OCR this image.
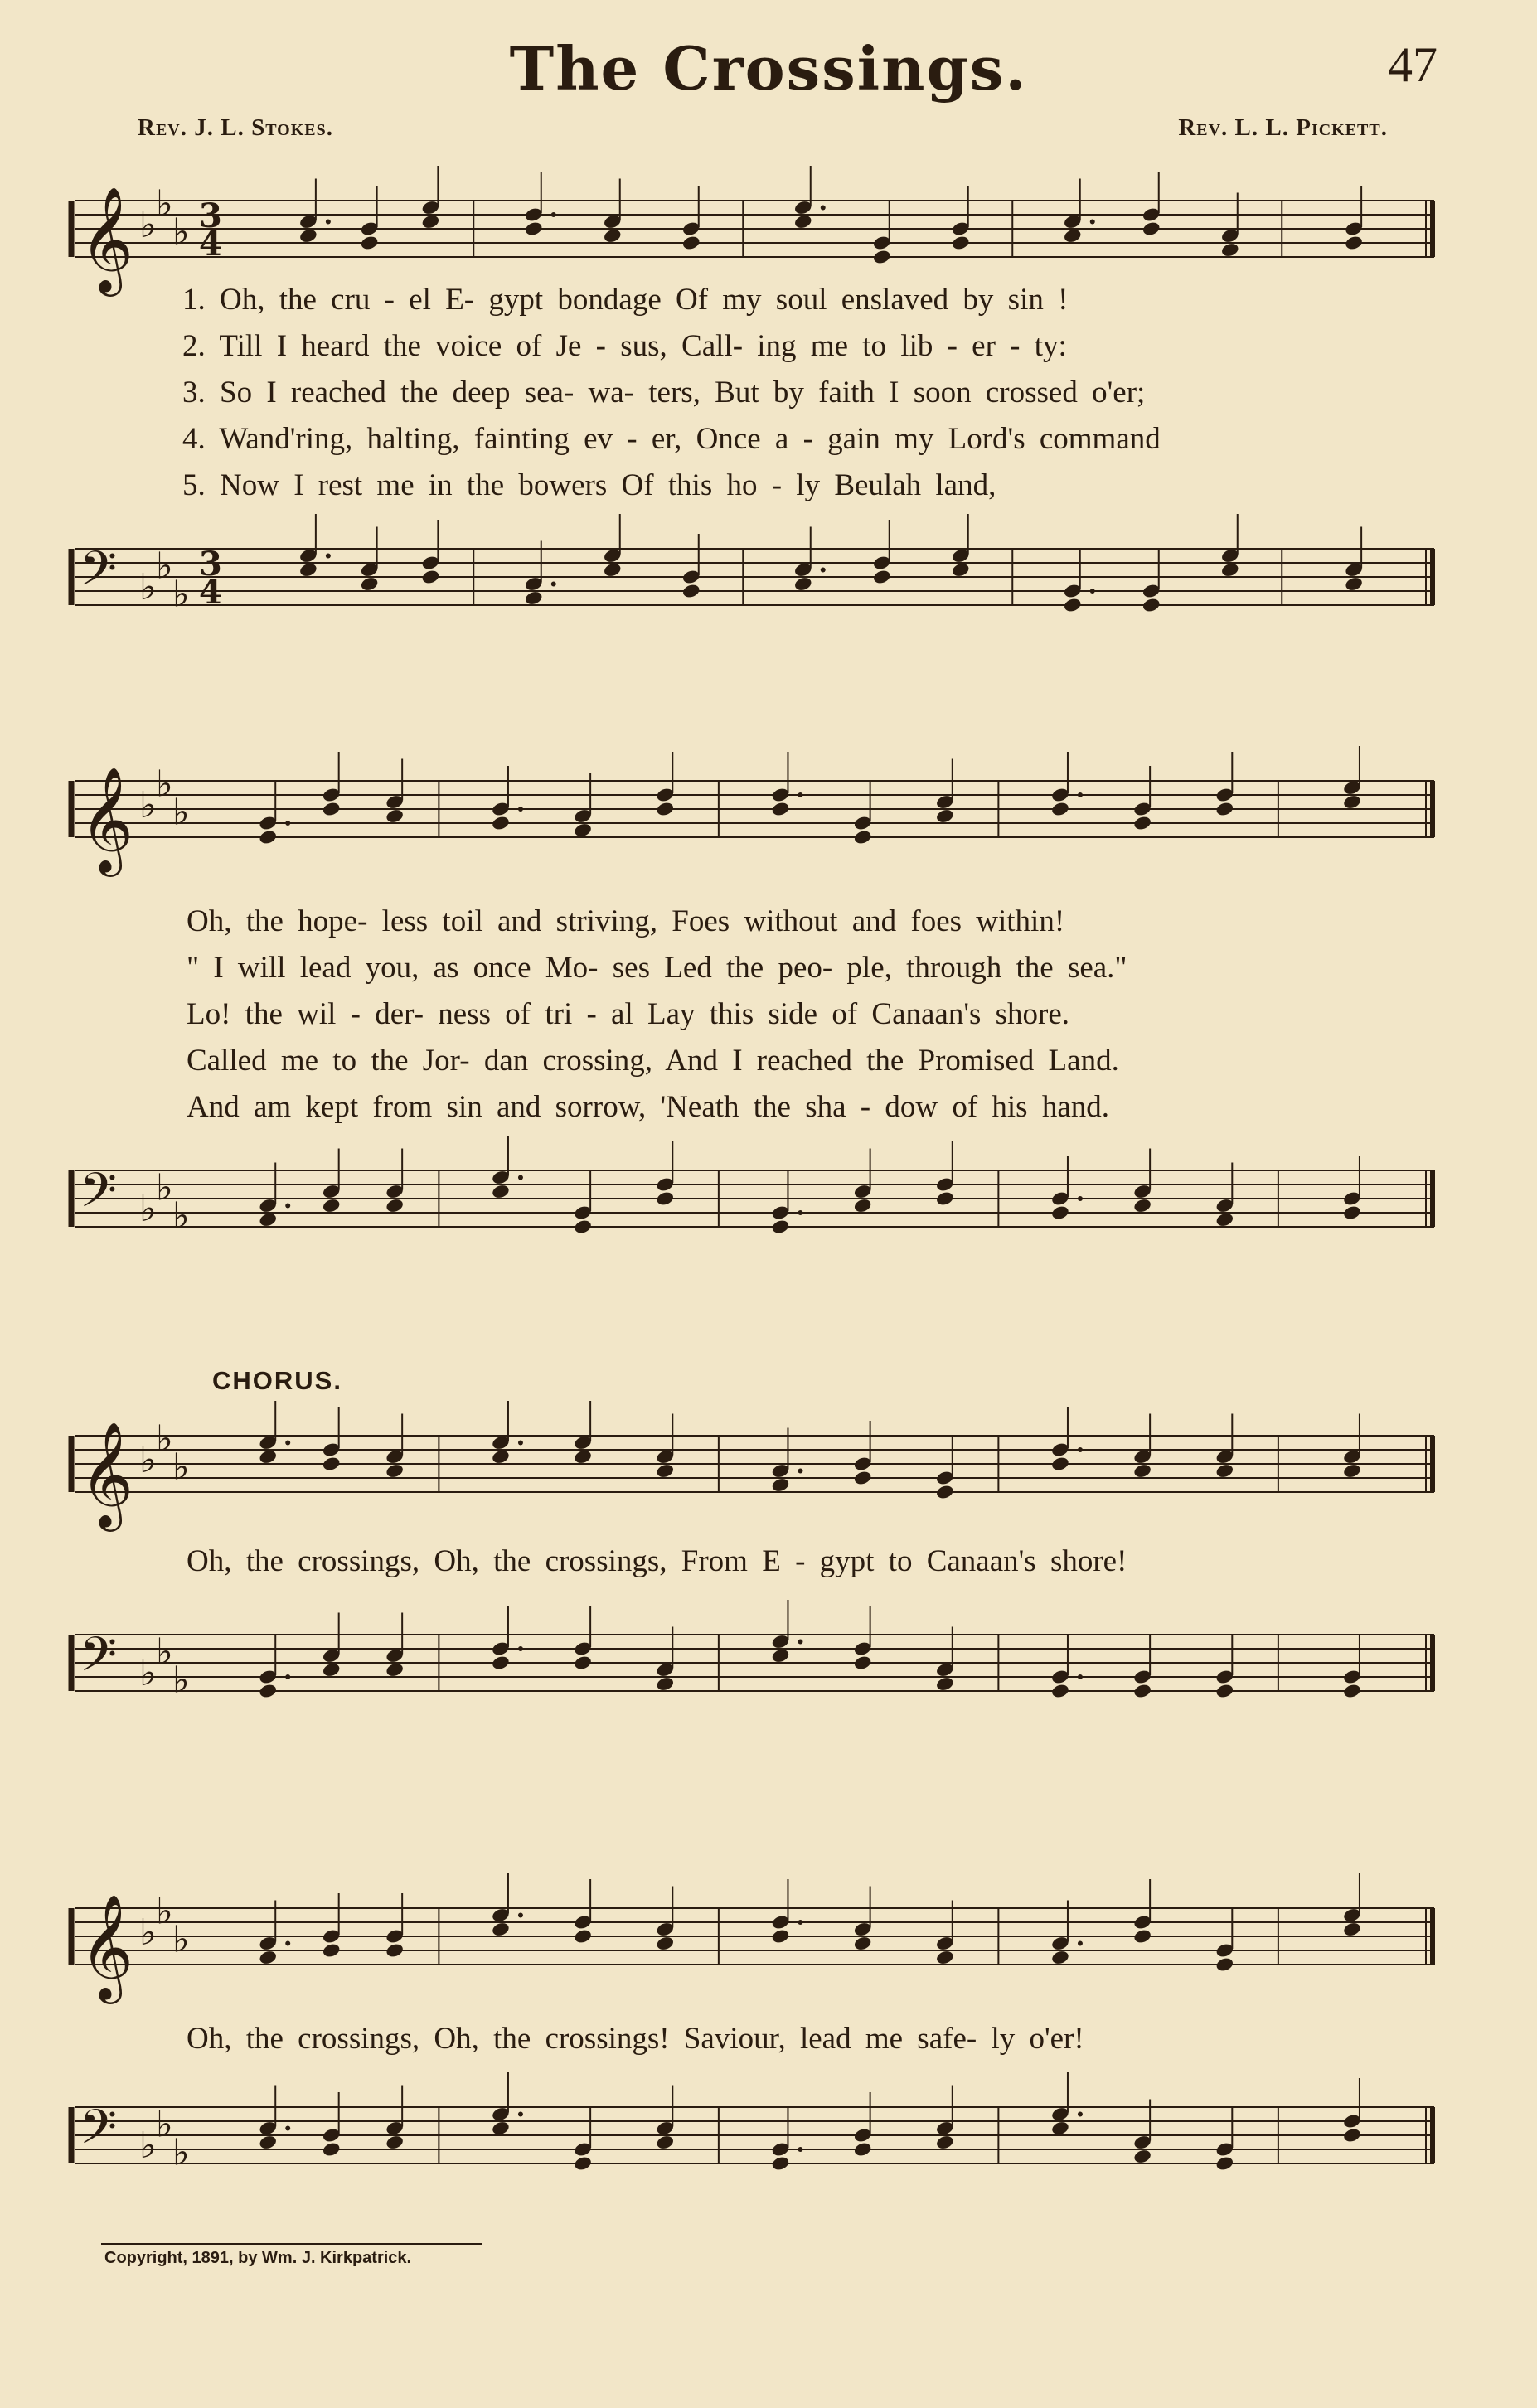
The Crossings.	47
Rev. J. L. Stokes.	Rev. L. L. Pickett.
𝄞 ♭ ♭
♭ 3
4
1. Oh, the cru - el E- gypt bondage Of my soul enslaved by sin !
2. Till I heard the voice of Je - sus, Call- ing me to lib - er - ty:
3. So I reached the deep sea- wa- ters, But by faith I soon crossed o'er;
4. Wand'ring, halting, fainting ev - er, Once a - gain my Lord's command
5. Now I rest me in the bowers Of this ho - ly Beulah land,
𝄢 ♭ ♭
♭
3
4
𝄞 ♭ ♭
♭
Oh, the hope- less toil and striving, Foes without and foes within!
" I will lead you, as once Mo- ses Led the peo- ple, through the sea."
Lo! the wil - der- ness of tri - al Lay this side of Canaan's shore.
Called me to the Jor- dan crossing, And I reached the Promised Land.
And am kept from sin and sorrow, 'Neath the sha - dow of his hand.
𝄢 ♭ ♭
♭
CHORUS.
𝄞 ♭ ♭
♭
Oh, the crossings, Oh, the crossings, From E - gypt to Canaan's shore!
𝄢 ♭ ♭
♭
𝄞 ♭ ♭
♭
Oh, the crossings, Oh, the crossings! Saviour, lead me safe- ly o'er!
𝄢 ♭ ♭
♭
Copyright, 1891, by Wm. J. Kirkpatrick.
